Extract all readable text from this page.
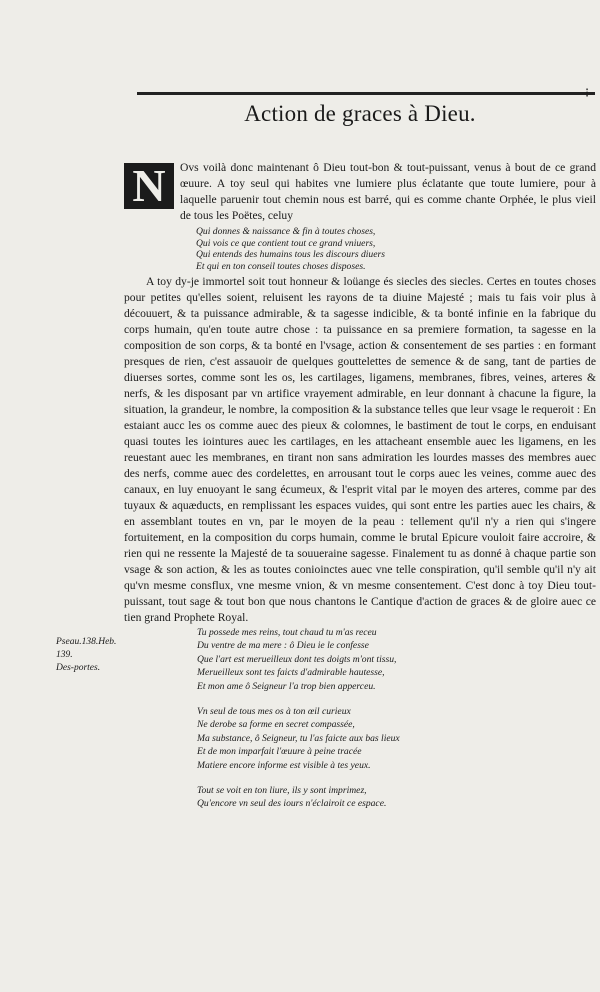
⁝
Action de graces à Dieu.
N	Ovs voilà donc maintenant ô Dieu tout-bon & tout-puissant, venus à bout de ce grand œuure. A toy seul qui habites vne lumiere plus éclatante que toute lumiere, pour à laquelle paruenir tout chemin nous est barré, qui es comme chante Orphée, le plus vieil de tous les Poëtes, celuy

Qui donnes & naissance & fin à toutes choses,
Qui vois ce que contient tout ce grand vniuers,
Qui entends des humains tous les discours diuers
Et qui en ton conseil toutes choses disposes.

A toy dy-je immortel soit tout honneur & loüange és siecles des siecles. Certes en toutes choses pour petites qu'elles soient, reluisent les rayons de ta diuine Majesté ; mais tu fais voir plus à découuert, & ta puissance admirable, & ta sagesse indicible, & ta bonté infinie en la fabrique du corps humain, qu'en toute autre chose : ta puissance en sa premiere formation, ta sagesse en la composition de son corps, & ta bonté en l'vsage, action & consentement de ses parties : en formant presques de rien, c'est assauoir de quelques gouttelettes de semence & de sang, tant de parties de diuerses sortes, comme sont les os, les cartilages, ligamens, membranes, fibres, veines, arteres & nerfs, & les disposant par vn artifice vrayement admirable, en leur donnant à chacune la figure, la situation, la grandeur, le nombre, la composition & la substance telles que leur vsage le requeroit : En estaiant aucc les os comme auec des pieux & colomnes, le bastiment de tout le corps, en enduisant quasi toutes les iointures auec les cartilages, en les attacheant ensemble auec les ligamens, en les reuestant auec les membranes, en tirant non sans admiration les lourdes masses des membres auec des nerfs, comme auec des cordelettes, en arrousant tout le corps auec les veines, comme auec des canaux, en luy enuoyant le sang écumeux, & l'esprit vital par le moyen des arteres, comme par des tuyaux & aquæducts, en remplissant les espaces vuides, qui sont entre les parties auec les chairs, & en assemblant toutes en vn, par le moyen de la peau : tellement qu'il n'y a rien qui s'ingere fortuitement, en la composition du corps humain, comme le brutal Epicure vouloit faire accroire, & rien qui ne ressente la Majesté de ta souueraine sagesse. Finalement tu as donné à chaque partie son vsage & son action, & les as toutes conioinctes auec vne telle conspiration, qu'il semble qu'il n'y ait qu'vn mesme consflux, vne mesme vnion, & vn mesme consentement. C'est donc à toy Dieu tout-puissant, tout sage & tout bon que nous chantons le Cantique d'action de graces & de gloire auec ce tien grand Prophete Royal.

Pseau.138.Heb. 139.
Des-portes.
Tu possede mes reins, tout chaud tu m'as receu
Du ventre de ma mere : ô Dieu ie le confesse
Que l'art est merueilleux dont tes doigts m'ont tissu,
Merueilleux sont tes faicts d'admirable hautesse,
Et mon ame ô Seigneur l'a trop bien apperceu.
Vn seul de tous mes os à ton œil curieux
Ne derobe sa forme en secret compassée,
Ma substance, ô Seigneur, tu l'as faicte aux bas lieux
Et de mon imparfait l'œuure à peine tracée
Matiere encore informe est visible à tes yeux.
Tout se voit en ton liure, ils y sont imprimez,
Qu'encore vn seul des iours n'éclairoit ce espace.
